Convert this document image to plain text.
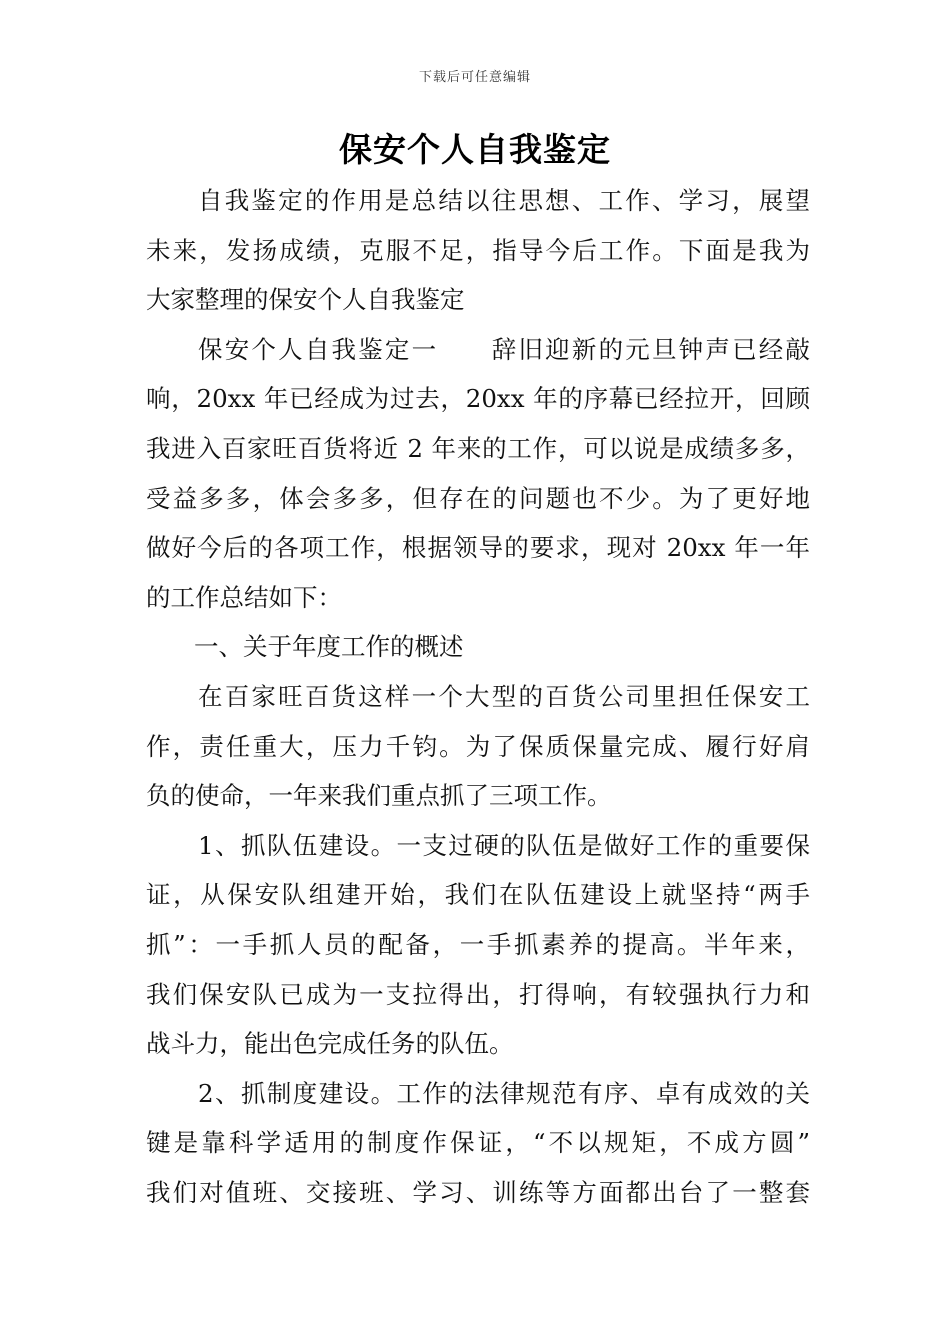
下载后可任意编辑
保安个人自我鉴定
自我鉴定的作用是总结以往思想、工作、学习，展望
未来，发扬成绩，克服不足，指导今后工作。下面是我为
大家整理的保安个人自我鉴定
保安个人自我鉴定一　　辞旧迎新的元旦钟声已经敲
响，20xx 年已经成为过去，20xx 年的序幕已经拉开，回顾
我进入百家旺百货将近 2 年来的工作，可以说是成绩多多，
受益多多，体会多多，但存在的问题也不少。为了更好地
做好今后的各项工作，根据领导的要求，现对 20xx 年一年
的工作总结如下：
一、关于年度工作的概述
在百家旺百货这样一个大型的百货公司里担任保安工
作，责任重大，压力千钧。为了保质保量完成、履行好肩
负的使命，一年来我们重点抓了三项工作。
1、抓队伍建设。一支过硬的队伍是做好工作的重要保
证，从保安队组建开始，我们在队伍建设上就坚持“两手
抓”：一手抓人员的配备，一手抓素养的提高。半年来，
我们保安队已成为一支拉得出，打得响，有较强执行力和
战斗力，能出色完成任务的队伍。
2、抓制度建设。工作的法律规范有序、卓有成效的关
键是靠科学适用的制度作保证，“不以规矩，不成方圆”
我们对值班、交接班、学习、训练等方面都出台了一整套
